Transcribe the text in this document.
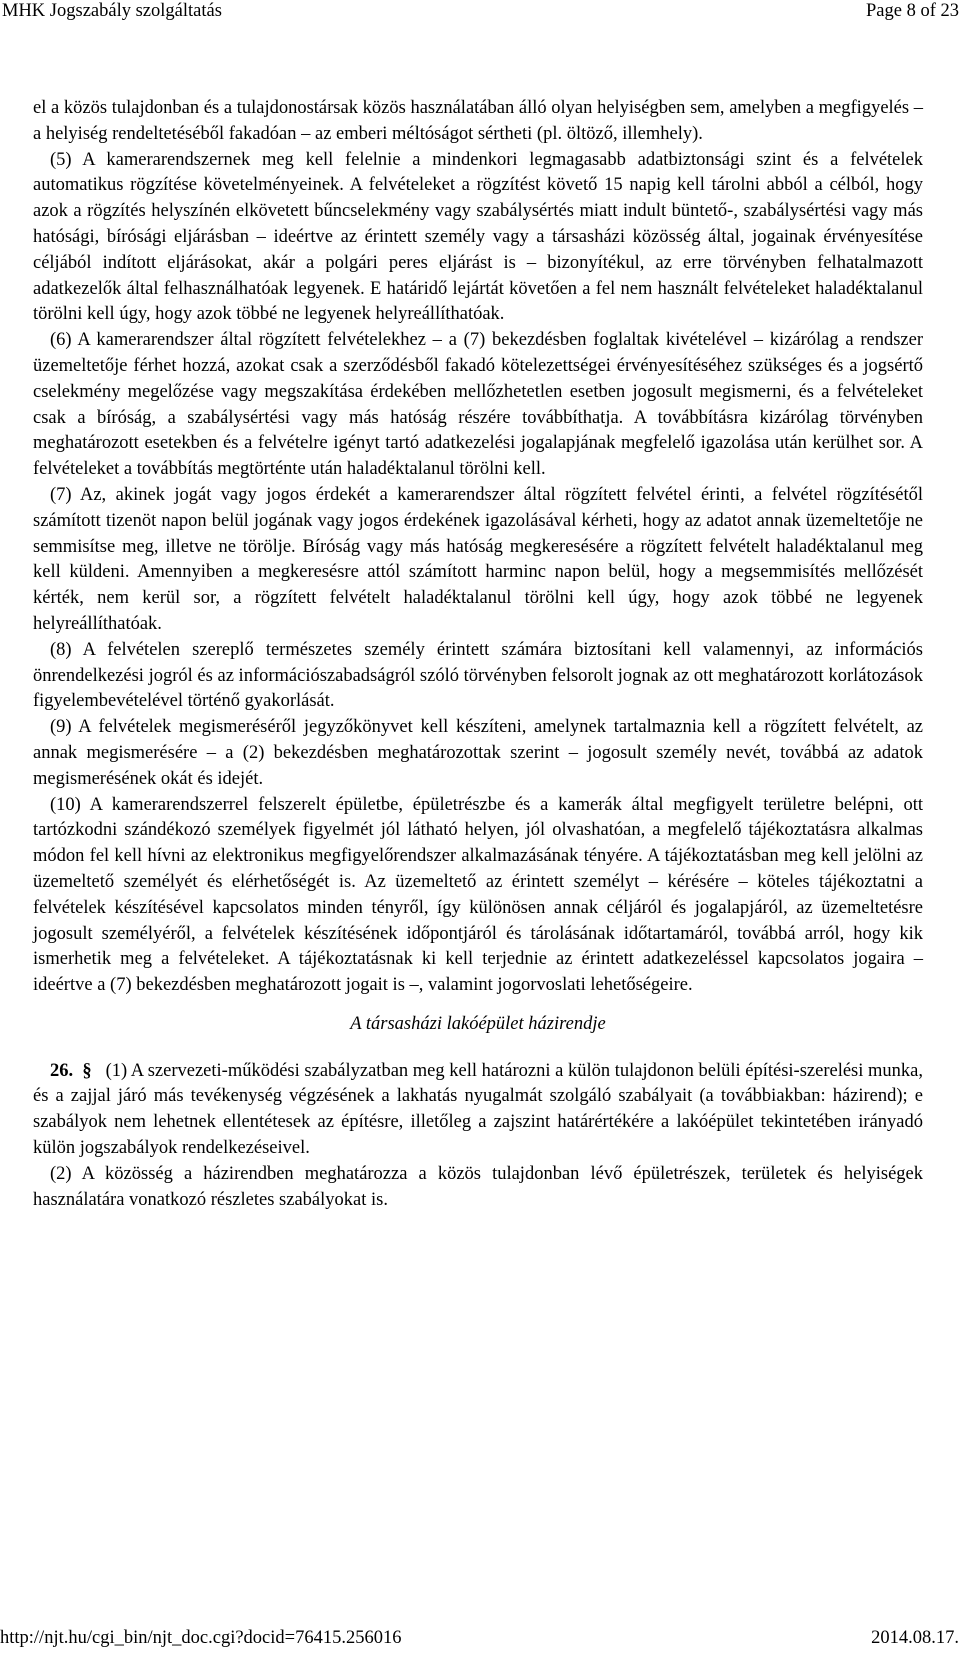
MHK Jogszabály szolgáltatás	Page 8 of 23

el a közös tulajdonban és a tulajdonostársak közös használatában álló olyan helyiségben sem, amelyben a megfigyelés – a helyiség rendeltetéséből fakadóan – az emberi méltóságot sértheti (pl. öltöző, illemhely).

(5) A kamerarendszernek meg kell felelnie a mindenkori legmagasabb adatbiztonsági szint és a felvételek automatikus rögzítése követelményeinek. A felvételeket a rögzítést követő 15 napig kell tárolni abból a célból, hogy azok a rögzítés helyszínén elkövetett bűncselekmény vagy szabálysértés miatt indult büntető-, szabálysértési vagy más hatósági, bírósági eljárásban – ideértve az érintett személy vagy a társasházi közösség által, jogainak érvényesítése céljából indított eljárásokat, akár a polgári peres eljárást is – bizonyítékul, az erre törvényben felhatalmazott adatkezelők által felhasználhatóak legyenek. E határidő lejártát követően a fel nem használt felvételeket haladéktalanul törölni kell úgy, hogy azok többé ne legyenek helyreállíthatóak.

(6) A kamerarendszer által rögzített felvételekhez – a (7) bekezdésben foglaltak kivételével – kizárólag a rendszer üzemeltetője férhet hozzá, azokat csak a szerződésből fakadó kötelezettségei érvényesítéséhez szükséges és a jogsértő cselekmény megelőzése vagy megszakítása érdekében mellőzhetetlen esetben jogosult megismerni, és a felvételeket csak a bíróság, a szabálysértési vagy más hatóság részére továbbíthatja. A továbbításra kizárólag törvényben meghatározott esetekben és a felvételre igényt tartó adatkezelési jogalapjának megfelelő igazolása után kerülhet sor. A felvételeket a továbbítás megtörténte után haladéktalanul törölni kell.

(7) Az, akinek jogát vagy jogos érdekét a kamerarendszer által rögzített felvétel érinti, a felvétel rögzítésétől számított tizenöt napon belül jogának vagy jogos érdekének igazolásával kérheti, hogy az adatot annak üzemeltetője ne semmisítse meg, illetve ne törölje. Bíróság vagy más hatóság megkeresésére a rögzített felvételt haladéktalanul meg kell küldeni. Amennyiben a megkeresésre attól számított harminc napon belül, hogy a megsemmisítés mellőzését kérték, nem kerül sor, a rögzített felvételt haladéktalanul törölni kell úgy, hogy azok többé ne legyenek helyreállíthatóak.

(8) A felvételen szereplő természetes személy érintett számára biztosítani kell valamennyi, az információs önrendelkezési jogról és az információszabadságról szóló törvényben felsorolt jognak az ott meghatározott korlátozások figyelembevételével történő gyakorlását.

(9) A felvételek megismeréséről jegyzőkönyvet kell készíteni, amelynek tartalmaznia kell a rögzített felvételt, az annak megismerésére – a (2) bekezdésben meghatározottak szerint – jogosult személy nevét, továbbá az adatok megismerésének okát és idejét.

(10) A kamerarendszerrel felszerelt épületbe, épületrészbe és a kamerák által megfigyelt területre belépni, ott tartózkodni szándékozó személyek figyelmét jól látható helyen, jól olvashatóan, a megfelelő tájékoztatásra alkalmas módon fel kell hívni az elektronikus megfigyelőrendszer alkalmazásának tényére. A tájékoztatásban meg kell jelölni az üzemeltető személyét és elérhetőségét is. Az üzemeltető az érintett személyt – kérésére – köteles tájékoztatni a felvételek készítésével kapcsolatos minden tényről, így különösen annak céljáról és jogalapjáról, az üzemeltetésre jogosult személyéről, a felvételek készítésének időpontjáról és tárolásának időtartamáról, továbbá arról, hogy kik ismerhetik meg a felvételeket. A tájékoztatásnak ki kell terjednie az érintett adatkezeléssel kapcsolatos jogaira – ideértve a (7) bekezdésben meghatározott jogait is –, valamint jogorvoslati lehetőségeire.

A társasházi lakóépület házirendje

26. § (1) A szervezeti-működési szabályzatban meg kell határozni a külön tulajdonon belüli építési-szerelési munka, és a zajjal járó más tevékenység végzésének a lakhatás nyugalmát szolgáló szabályait (a továbbiakban: házirend); e szabályok nem lehetnek ellentétesek az építésre, illetőleg a zajszint határértékére a lakóépület tekintetében irányadó külön jogszabályok rendelkezéseivel.

(2) A közösség a házirendben meghatározza a közös tulajdonban lévő épületrészek, területek és helyiségek használatára vonatkozó részletes szabályokat is.

http://njt.hu/cgi_bin/njt_doc.cgi?docid=76415.256016	2014.08.17.
